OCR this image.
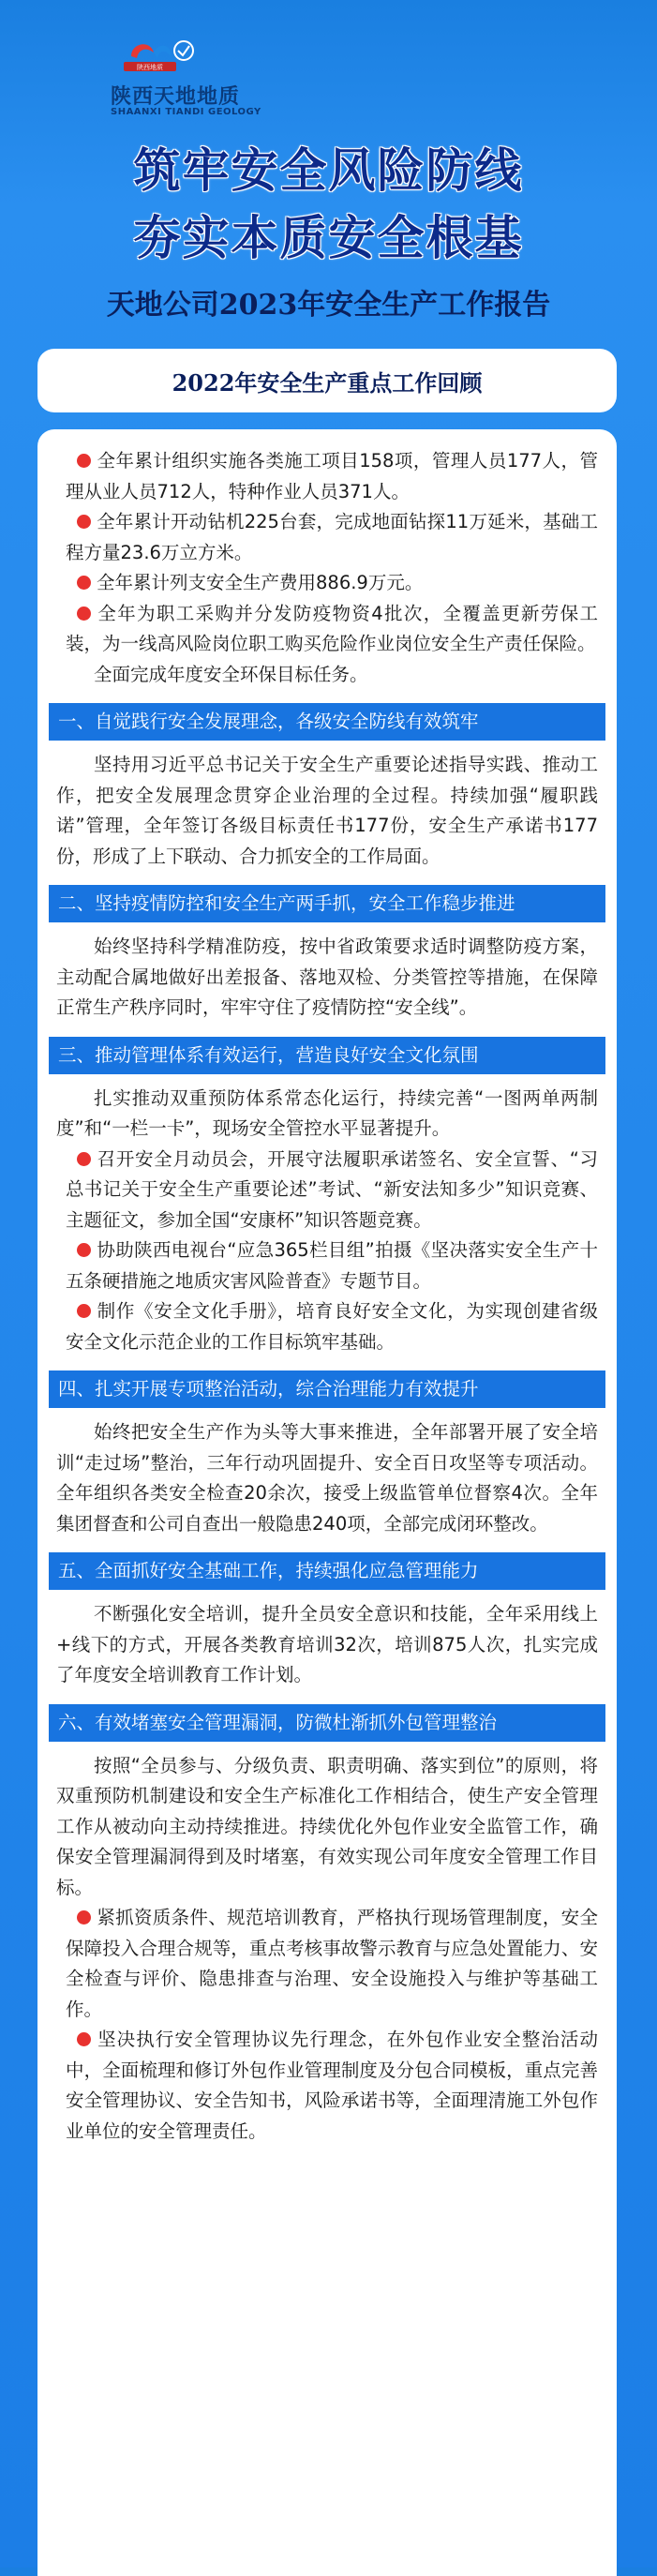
陕西地质
陕西天地地质
SHAANXI TIANDI GEOLOGY
筑牢安全风险防线
夯实本质安全根基
天地公司2023年安全生产工作报告
2022年安全生产重点工作回顾

全年累计组织实施各类施工项目158项，管理人员177人，管理从业人员712人，特种作业人员371人。

全年累计开动钻机225台套，完成地面钻探11万延米，基础工程方量23.6万立方米。

全年累计列支安全生产费用886.9万元。

全年为职工采购并分发防疫物资4批次，全覆盖更新劳保工装，为一线高风险岗位职工购买危险作业岗位安全生产责任保险。

全面完成年度安全环保目标任务。

一、自觉践行安全发展理念，各级安全防线有效筑牢

坚持用习近平总书记关于安全生产重要论述指导实践、推动工作，把安全发展理念贯穿企业治理的全过程。持续加强“履职践诺”管理，全年签订各级目标责任书177份，安全生产承诺书177份，形成了上下联动、合力抓安全的工作局面。

二、坚持疫情防控和安全生产两手抓，安全工作稳步推进

始终坚持科学精准防疫，按中省政策要求适时调整防疫方案，主动配合属地做好出差报备、落地双检、分类管控等措施，在保障正常生产秩序同时，牢牢守住了疫情防控“安全线”。

三、推动管理体系有效运行，营造良好安全文化氛围

扎实推动双重预防体系常态化运行，持续完善“一图两单两制度”和“一栏一卡”，现场安全管控水平显著提升。

召开安全月动员会，开展守法履职承诺签名、安全宣誓、“习总书记关于安全生产重要论述”考试、“新安法知多少”知识竞赛、主题征文，参加全国“安康杯”知识答题竞赛。

协助陕西电视台“应急365栏目组”拍摄《坚决落实安全生产十五条硬措施之地质灾害风险普查》专题节目。

制作《安全文化手册》，培育良好安全文化，为实现创建省级安全文化示范企业的工作目标筑牢基础。

四、扎实开展专项整治活动，综合治理能力有效提升

始终把安全生产作为头等大事来推进，全年部署开展了安全培训“走过场”整治，三年行动巩固提升、安全百日攻坚等专项活动。全年组织各类安全检查20余次，接受上级监管单位督察4次。全年集团督查和公司自查出一般隐患240项，全部完成闭环整改。

五、全面抓好安全基础工作，持续强化应急管理能力

不断强化安全培训，提升全员安全意识和技能，全年采用线上+线下的方式，开展各类教育培训32次，培训875人次，扎实完成了年度安全培训教育工作计划。

六、有效堵塞安全管理漏洞，防微杜渐抓外包管理整治

按照“全员参与、分级负责、职责明确、落实到位”的原则，将双重预防机制建设和安全生产标准化工作相结合，使生产安全管理工作从被动向主动持续推进。持续优化外包作业安全监管工作，确保安全管理漏洞得到及时堵塞，有效实现公司年度安全管理工作目标。

紧抓资质条件、规范培训教育，严格执行现场管理制度，安全保障投入合理合规等，重点考核事故警示教育与应急处置能力、安全检查与评价、隐患排查与治理、安全设施投入与维护等基础工作。

坚决执行安全管理协议先行理念，在外包作业安全整治活动中，全面梳理和修订外包作业管理制度及分包合同模板，重点完善安全管理协议、安全告知书，风险承诺书等，全面理清施工外包作业单位的安全管理责任。
